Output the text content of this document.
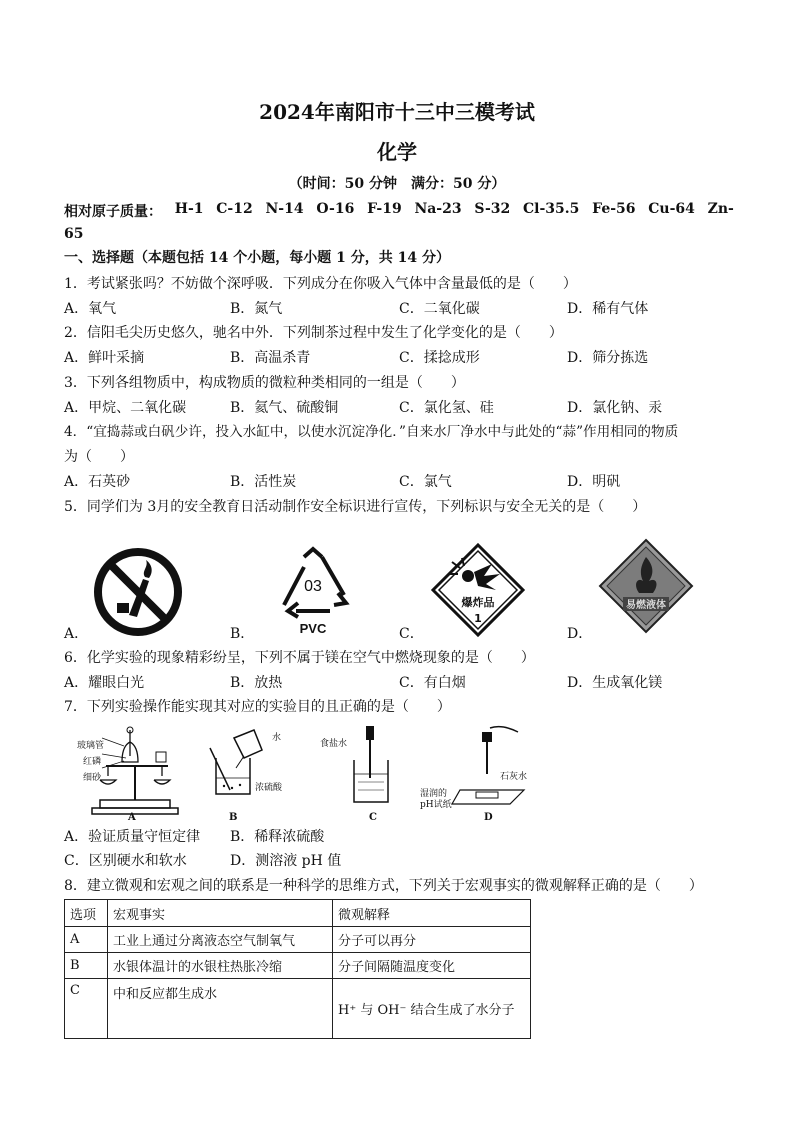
2024年南阳市十三中三模考试
化学
（时间：50 分钟　满分：50 分）
相对原子质量： H-1 C-12 N-14 O-16 F-19 Na-23 S-32 Cl-35.5 Fe-56 Cu-64 Zn-
65
一、选择题（本题包括 14 个小题，每小题 1 分，共 14 分）
1．考试紧张吗？不妨做个深呼吸．下列成分在你吸入气体中含量最低的是（　　）
A．氧气	B．氮气	C．二氧化碳	D．稀有气体
2．信阳毛尖历史悠久，驰名中外．下列制茶过程中发生了化学变化的是（　　）
A．鲜叶采摘	B．高温杀青	C．揉捻成形	D．筛分拣选
3．下列各组物质中，构成物质的微粒种类相同的一组是（　　）
A．甲烷、二氧化碳	B．氦气、硫酸铜	C．氯化氢、硅	D．氯化钠、汞
4．“宜捣蒜或白矾少许，投入水缸中，以使水沉淀净化．”自来水厂净水中与此处的“蒜”作用相同的物质
为（　　）
A．石英砂	B．活性炭	C．氯气	D．明矾
5．同学们为 3月的安全教育日活动制作安全标识进行宣传，下列标识与安全无关的是（　　）
A．
03
PVC
B．
爆炸品
1
C．
易燃液体
D．
6．化学实验的现象精彩纷呈，下列不属于镁在空气中燃烧现象的是（　　）
A．耀眼白光	B．放热	C．有白烟	D．生成氧化镁
7．下列实验操作能实现其对应的实验目的且正确的是（　　）
玻璃管
红磷
细砂
A
水
浓硫酸
B
食盐水
C
石灰水
湿润的
pH试纸
D
A．验证质量守恒定律 B．稀释浓硫酸
C．区别硬水和软水	D．测溶液 pH 值
8．建立微观和宏观之间的联系是一种科学的思维方式，下列关于宏观事实的微观解释正确的是（　　）
选项	宏观事实	微观解释
A	工业上通过分离液态空气制氧气	分子可以再分
B	水银体温计的水银柱热胀冷缩	分子间隔随温度变化
C	中和反应都生成水	H⁺ 与 OH⁻ 结合生成了水分子
